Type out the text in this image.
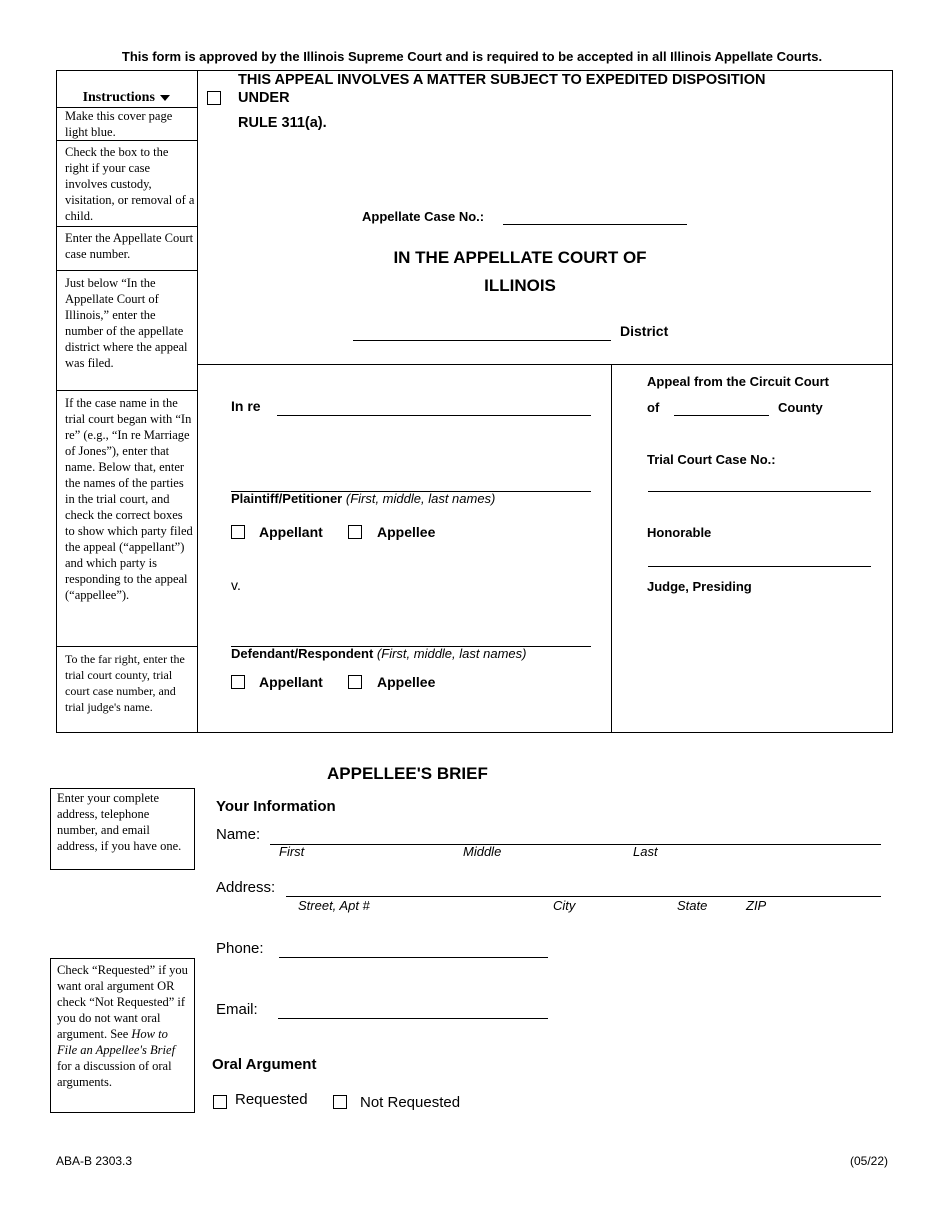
This form is approved by the Illinois Supreme Court and is required to be accepted in all Illinois Appellate Courts.
Instructions
Make this cover page light blue.
Check the box to the right if your case involves custody, visitation, or removal of a child.
Enter the Appellate Court case number.
Just below “In the Appellate Court of Illinois,” enter the number of the appellate district where the appeal was filed.
If the case name in the trial court began with “In re” (e.g., “In re Marriage of Jones”), enter that name. Below that, enter the names of the parties in the trial court, and check the correct boxes to show which party filed the appeal (“appellant”) and which party is responding to the appeal (“appellee”).
To the far right, enter the trial court county, trial court case number, and trial judge's name.
THIS APPEAL INVOLVES A MATTER SUBJECT TO EXPEDITED DISPOSITION
UNDER
RULE 311(a).
Appellate Case No.:
IN THE APPELLATE COURT OF
ILLINOIS
District
In re
Plaintiff/Petitioner (First, middle, last names)
Appellant	Appellee
v.
Defendant/Respondent (First, middle, last names)
Appellant	Appellee
Appeal from the Circuit Court
of	County
Trial Court Case No.:
Honorable
Judge, Presiding
APPELLEE'S BRIEF
Enter your complete address, telephone number, and email address, if you have one.
Your Information
Name:
First	Middle	Last
Address:
Street, Apt #	City	State	ZIP
Phone:
Email:
Check “Requested” if you want oral argument OR check “Not Requested” if you do not want oral argument. See How to File an Appellee's Brief for a discussion of oral arguments.
Oral Argument
Requested	Not Requested
ABA-B 2303.3	(05/22)
